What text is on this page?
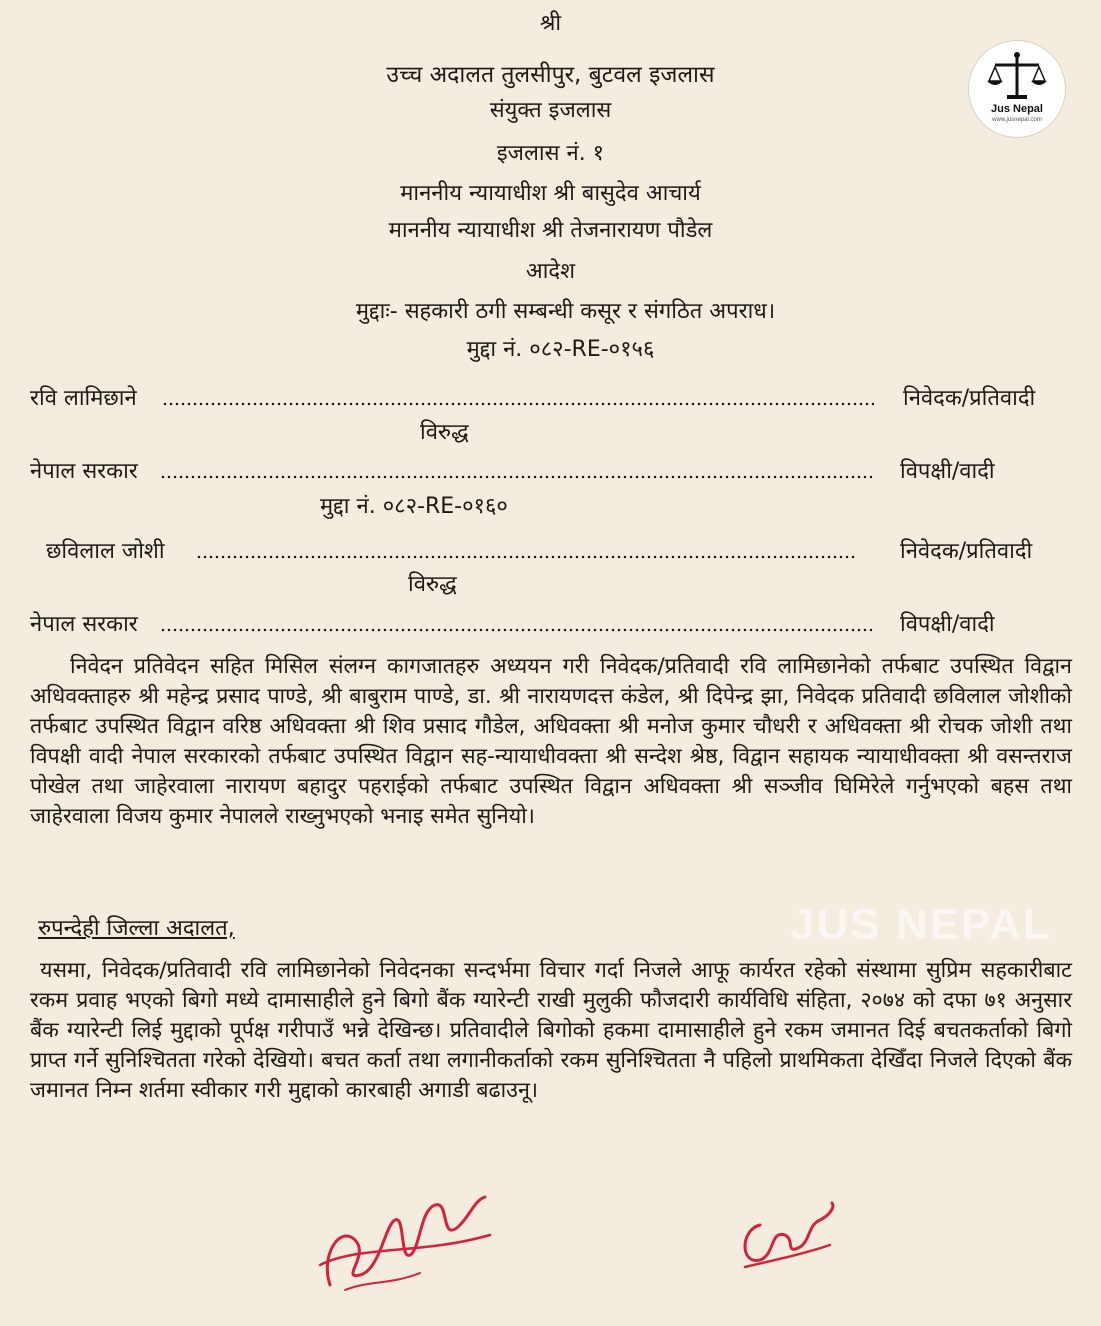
श्री
उच्च अदालत तुलसीपुर, बुटवल इजलास
संयुक्त इजलास
इजलास नं. १
माननीय न्यायाधीश श्री बासुदेव आचार्य
माननीय न्यायाधीश श्री तेजनारायण पौडेल
आदेश
मुद्दाः- सहकारी ठगी सम्बन्धी कसूर र संगठित अपराध।
मुद्दा नं. ०८२-RE-०१५६
रवि लामिछाने	निवेदक/प्रतिवादी
विरुद्ध
नेपाल सरकार	विपक्षी/वादी
मुद्दा नं. ०८२-RE-०१६०
छविलाल जोशी	निवेदक/प्रतिवादी
विरुद्ध
नेपाल सरकार	विपक्षी/वादी
निवेदन प्रतिवेदन सहित मिसिल संलग्न कागजातहरु अध्ययन गरी निवेदक/प्रतिवादी रवि लामिछानेको तर्फबाट उपस्थित विद्वान अधिवक्ताहरु श्री महेन्द्र प्रसाद पाण्डे, श्री बाबुराम पाण्डे, डा. श्री नारायणदत्त कंडेल, श्री दिपेन्द्र झा, निवेदक प्रतिवादी छविलाल जोशीको तर्फबाट उपस्थित विद्वान वरिष्ठ अधिवक्ता श्री शिव प्रसाद गौडेल, अधिवक्ता श्री मनोज कुमार चौधरी र अधिवक्ता श्री रोचक जोशी तथा विपक्षी वादी नेपाल सरकारको तर्फबाट उपस्थित विद्वान सह-न्यायाधीवक्ता श्री सन्देश श्रेष्ठ, विद्वान सहायक न्यायाधीवक्ता श्री वसन्तराज पोखेल तथा जाहेरवाला नारायण बहादुर पहराईको तर्फबाट उपस्थित विद्वान अधिवक्ता श्री सञ्जीव घिमिरेले गर्नुभएको बहस तथा जाहेरवाला विजय कुमार नेपालले राख्नुभएको भनाइ समेत सुनियो।
रुपन्देही जिल्ला अदालत,
यसमा, निवेदक/प्रतिवादी रवि लामिछानेको निवेदनका सन्दर्भमा विचार गर्दा निजले आफू कार्यरत रहेको संस्थामा सुप्रिम सहकारीबाट रकम प्रवाह भएको बिगो मध्ये दामासाहीले हुने बिगो बैंक ग्यारेन्टी राखी मुलुकी फौजदारी कार्यविधि संहिता, २०७४ को दफा ७१ अनुसार बैंक ग्यारेन्टी लिई मुद्दाको पूर्पक्ष गरीपाउँ भन्ने देखिन्छ। प्रतिवादीले बिगोको हकमा दामासाहीले हुने रकम जमानत दिई बचतकर्ताको बिगो प्राप्त गर्ने सुनिश्चितता गरेको देखियो। बचत कर्ता तथा लगानीकर्ताको रकम सुनिश्चितता नै पहिलो प्राथमिकता देखिँदा निजले दिएको बैंक जमानत निम्न शर्तमा स्वीकार गरी मुद्दाको कारबाही अगाडी बढाउनू।
JUS NEPAL
Jus Nepal
www.jusnepal.com
